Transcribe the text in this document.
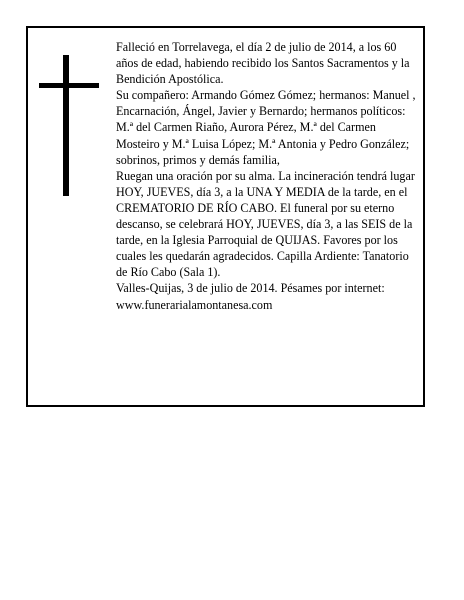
Falleció en Torrelavega, el día 2 de julio de 2014, a los 60 años de edad, habiendo recibido los Santos Sacramentos y la Bendición Apostólica.

Su compañero: Armando Gómez Gómez; hermanos: Manuel , Encarnación, Ángel, Javier y Bernardo; hermanos políticos: M.ª del Carmen Riaño, Aurora Pérez, M.ª del Carmen Mosteiro y M.ª Luisa López; M.ª Antonia y Pedro González; sobrinos, primos y demás familia,

Ruegan una oración por su alma. La incineración tendrá lugar HOY, JUEVES, día 3, a la UNA Y MEDIA de la tarde, en el CREMATORIO DE RÍO CABO. El funeral por su eterno descanso, se celebrará HOY, JUEVES, día 3, a las SEIS de la tarde, en la Iglesia Parroquial de QUIJAS. Favores por los cuales les quedarán agradecidos. Capilla Ardiente: Tanatorio de Río Cabo (Sala 1).

Valles-Quijas, 3 de julio de 2014. Pésames por internet: www.funerarialamontanesa.com
